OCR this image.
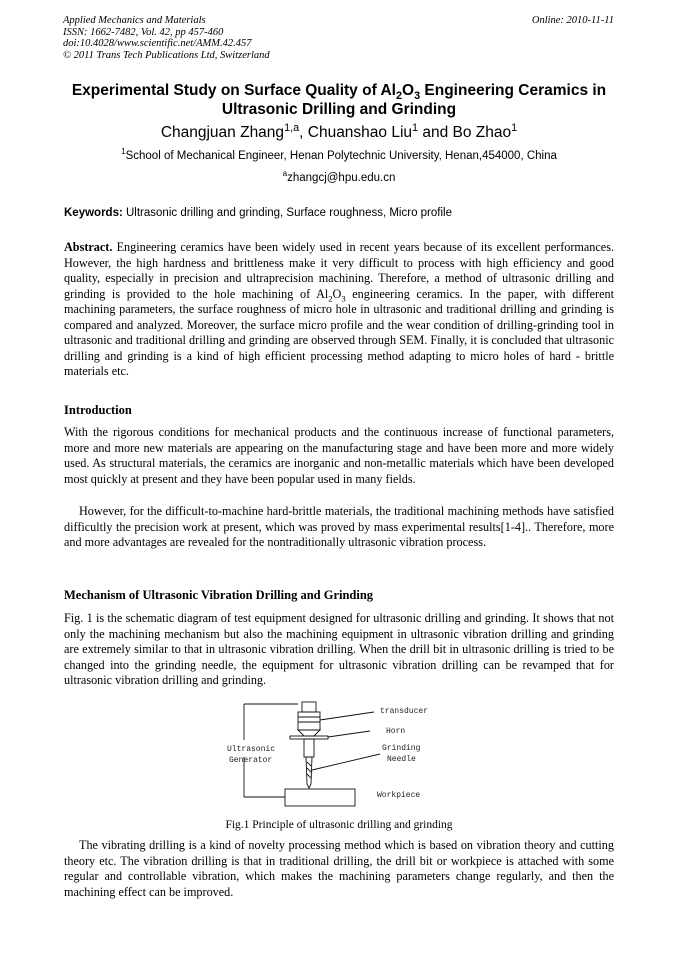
Applied Mechanics and Materials
ISSN: 1662-7482, Vol. 42, pp 457-460
doi:10.4028/www.scientific.net/AMM.42.457
© 2011 Trans Tech Publications Ltd, Switzerland
Online: 2010-11-11
Experimental Study on Surface Quality of $Al_2O_3$ Engineering Ceramics in Ultrasonic Drilling and Grinding
Changjuan Zhang$^{1,a}$, Chuanshao Liu$^1$ and Bo Zhao$^1$
$^1$School of Mechanical Engineer, Henan Polytechnic University, Henan,454000, China
$^a$zhangcj@hpu.edu.cn
Keywords: Ultrasonic drilling and grinding, Surface roughness, Micro profile
Abstract. Engineering ceramics have been widely used in recent years because of its excellent performances. However, the high hardness and brittleness make it very difficult to process with high efficiency and good quality, especially in precision and ultraprecision machining. Therefore, a method of ultrasonic drilling and grinding is provided to the hole machining of $Al_2O_3$ engineering ceramics. In the paper, with different machining parameters, the surface roughness of micro hole in ultrasonic and traditional drilling and grinding is compared and analyzed. Moreover, the surface micro profile and the wear condition of drilling-grinding tool in ultrasonic and traditional drilling and grinding are observed through SEM. Finally, it is concluded that ultrasonic drilling and grinding is a kind of high efficient processing method adapting to micro holes of hard - brittle materials etc.
Introduction
With the rigorous conditions for mechanical products and the continuous increase of functional parameters, more and more new materials are appearing on the manufacturing stage and have been more and more widely used. As structural materials, the ceramics are inorganic and non-metallic materials which have been developed most quickly at present and they have been popular used in many fields.
However, for the difficult-to-machine hard-brittle materials, the traditional machining methods have satisfied difficultly the precision work at present, which was proved by mass experimental results[1-4].. Therefore, more and more advantages are revealed for the nontraditionally ultrasonic vibration process.
Mechanism of Ultrasonic Vibration Drilling and Grinding
Fig. 1 is the schematic diagram of test equipment designed for ultrasonic drilling and grinding. It shows that not only the machining mechanism but also the machining equipment in ultrasonic vibration drilling and grinding are extremely similar to that in ultrasonic vibration drilling. When the drill bit in ultrasonic drilling is tried to be changed into the grinding needle, the equipment for ultrasonic vibration drilling can be revamped that for ultrasonic vibration drilling and grinding.
transducer
Horn
Ultrasonic
Generator
Grinding
Needle
Workpiece
Fig.1 Principle of ultrasonic drilling and grinding
The vibrating drilling is a kind of novelty processing method which is based on vibration theory and cutting theory etc. The vibration drilling is that in traditional drilling, the drill bit or workpiece is attached with some regular and controllable vibration, which makes the machining parameters change regularly, and then the machining effect can be improved.
